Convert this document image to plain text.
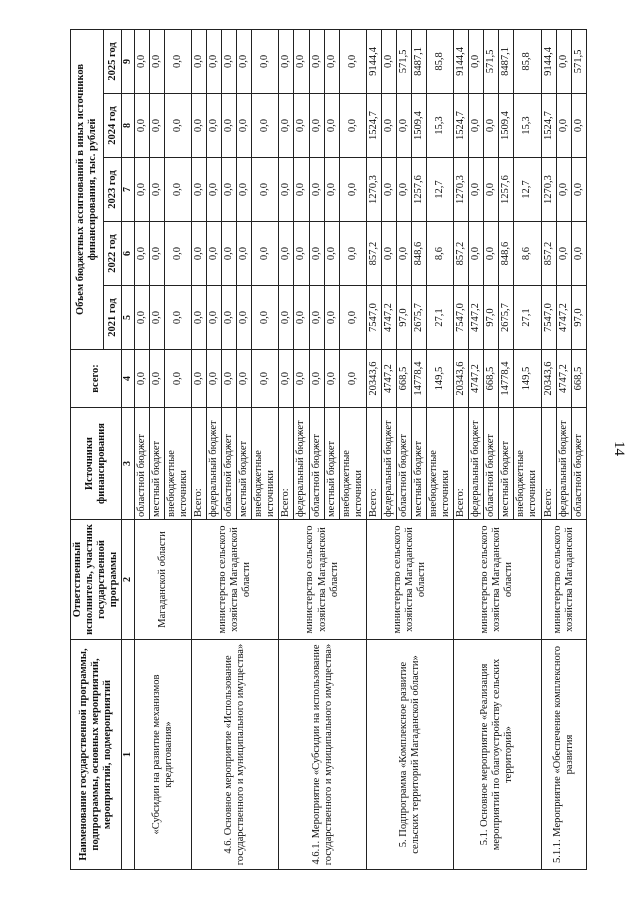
14
Наименование государственной программы, подпрограммы, основных мероприятий, мероприятий, подмероприятий	Ответственный исполнитель, участник государственной программы	Источники финансирования	всего:	Объем бюджетных ассигнований в иных источников финансирования, тыс. рублей				
				2021 год	2022 год	2023 год	2024 год	2025 год
1	2	3	4	5	6	7	8	9
«Субсидии на развитие механизмов кредитования»	Магаданской области	областной бюджет	0,0	0,0	0,0	0,0	0,0	0,0
		местный бюджет	0,0	0,0	0,0	0,0	0,0	0,0
		внебюджетные источники	0,0	0,0	0,0	0,0	0,0	0,0
4.6. Основное мероприятие «Использование государственного и муниципального имущества»	министерство сельского хозяйства Магаданской области	Всего:	0,0	0,0	0,0	0,0	0,0	0,0
		федеральный бюджет	0,0	0,0	0,0	0,0	0,0	0,0
		областной бюджет	0,0	0,0	0,0	0,0	0,0	0,0
		местный бюджет	0,0	0,0	0,0	0,0	0,0	0,0
		внебюджетные источники	0,0	0,0	0,0	0,0	0,0	0,0
4.6.1. Мероприятие «Субсидии на использование государственного и муниципального имущества»	министерство сельского хозяйства Магаданской области	Всего:	0,0	0,0	0,0	0,0	0,0	0,0
		федеральный бюджет	0,0	0,0	0,0	0,0	0,0	0,0
		областной бюджет	0,0	0,0	0,0	0,0	0,0	0,0
		местный бюджет	0,0	0,0	0,0	0,0	0,0	0,0
		внебюджетные источники	0,0	0,0	0,0	0,0	0,0	0,0
5. Подпрограмма «Комплексное развитие сельских территорий Магаданской области»	министерство сельского хозяйства Магаданской области	Всего:	20343,6	7547,0	857,2	1270,3	1524,7	9144,4
		федеральный бюджет	4747,2	4747,2	0,0	0,0	0,0	0,0
		областной бюджет	668,5	97,0	0,0	0,0	0,0	571,5
		местный бюджет	14778,4	2675,7	848,6	1257,6	1509,4	8487,1
		внебюджетные источники	149,5	27,1	8,6	12,7	15,3	85,8
5.1. Основное мероприятие «Реализация мероприятий по благоустройству сельских территорий»	министерство сельского хозяйства Магаданской области	Всего:	20343,6	7547,0	857,2	1270,3	1524,7	9144,4
		федеральный бюджет	4747,2	4747,2	0,0	0,0	0,0	0,0
		областной бюджет	668,5	97,0	0,0	0,0	0,0	571,5
		местный бюджет	14778,4	2675,7	848,6	1257,6	1509,4	8487,1
		внебюджетные источники	149,5	27,1	8,6	12,7	15,3	85,8
5.1.1. Мероприятие «Обеспечение комплексного развития	министерство сельского хозяйства Магаданской	Всего:	20343,6	7547,0	857,2	1270,3	1524,7	9144,4
		федеральный бюджет	4747,2	4747,2	0,0	0,0	0,0	0,0
		областной бюджет	668,5	97,0	0,0	0,0	0,0	571,5
